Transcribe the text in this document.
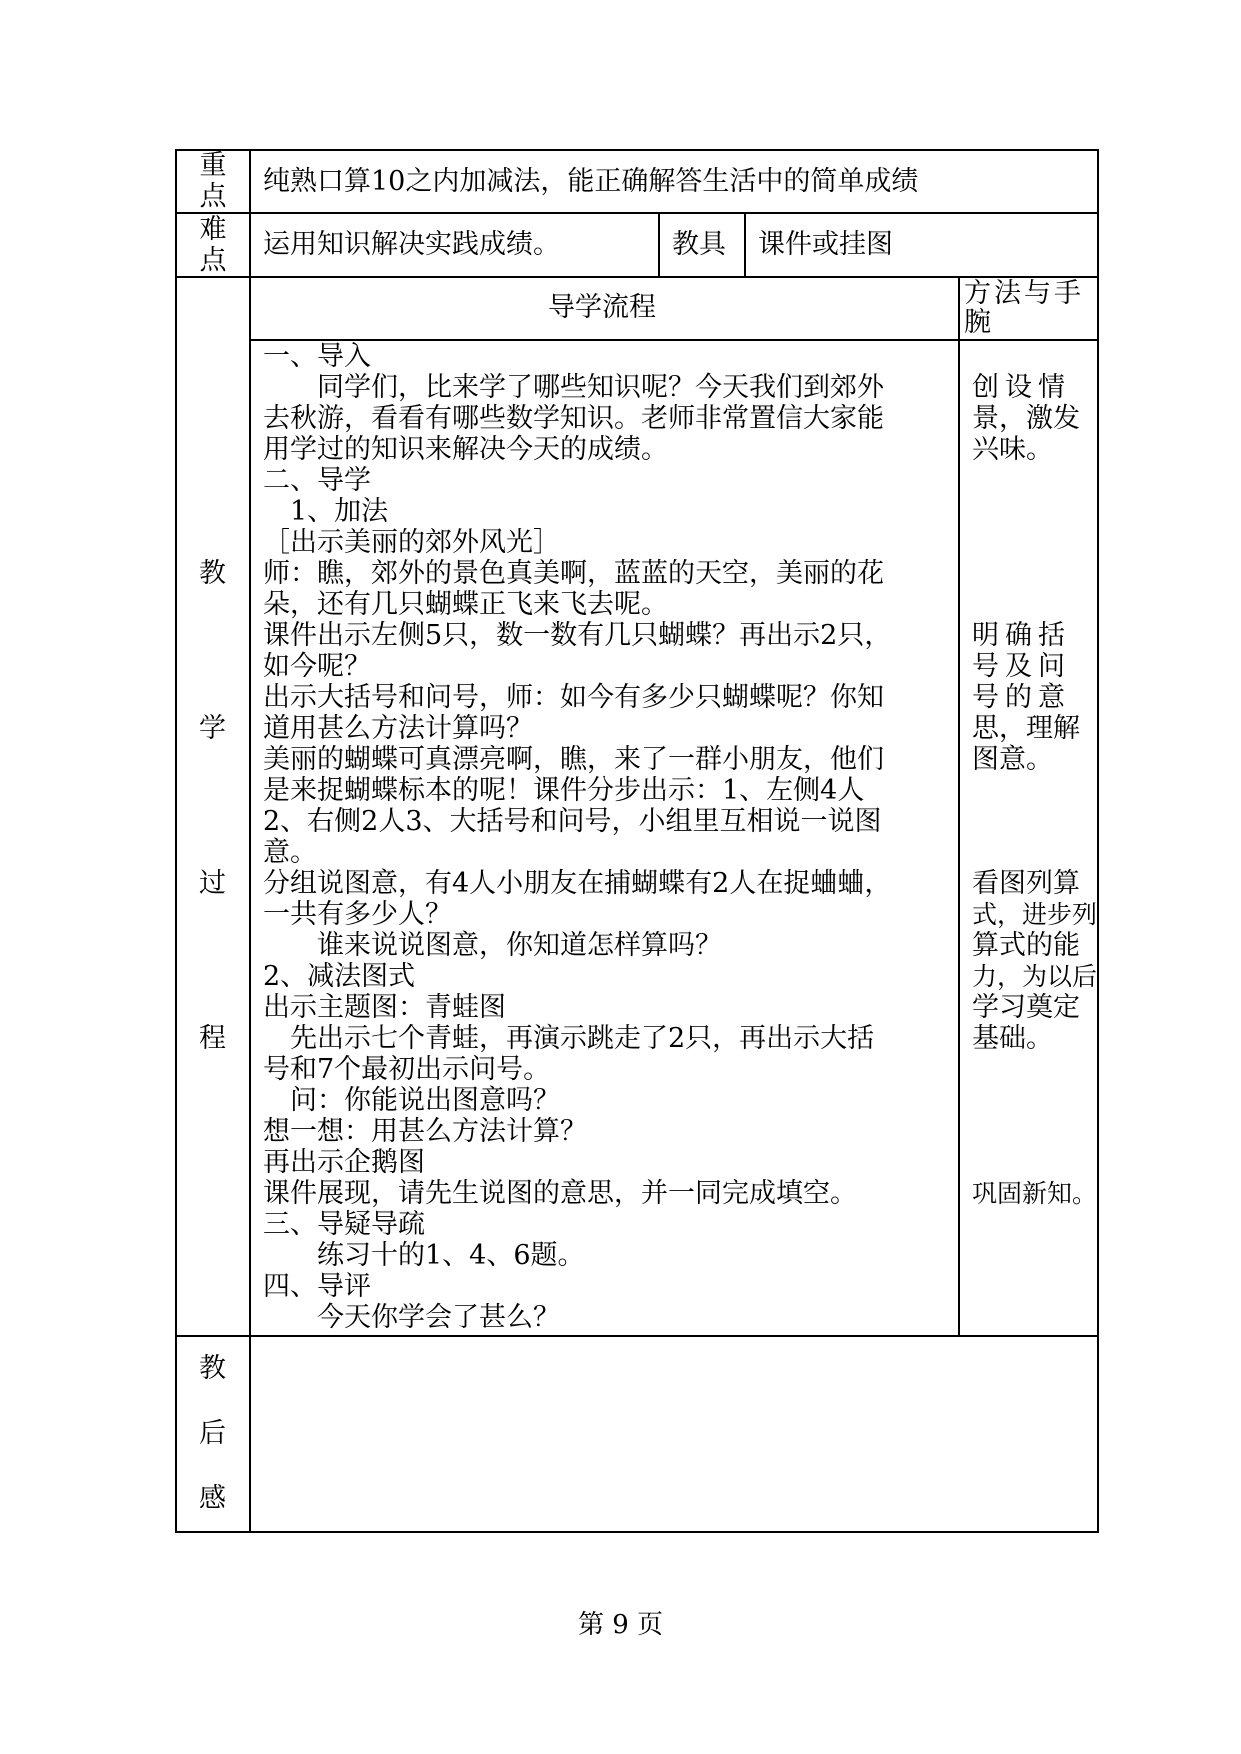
重
点 纯熟口算10之内加减法，能正确解答生活中的简单成绩
难
点
运用知识解决实践成绩。	教具 课件或挂图
导学流程	方法与手
腕
教
学
过
程
一、导入
　　同学们，比来学了哪些知识呢？今天我们到郊外
去秋游，看看有哪些数学知识。老师非常置信大家能
用学过的知识来解决今天的成绩。
二、导学
　1、加法
［出示美丽的郊外风光］
师：瞧，郊外的景色真美啊，蓝蓝的天空，美丽的花
朵，还有几只蝴蝶正飞来飞去呢。
课件出示左侧5只，数一数有几只蝴蝶？再出示2只，
如今呢？
出示大括号和问号，师：如今有多少只蝴蝶呢？你知
道用甚么方法计算吗？
美丽的蝴蝶可真漂亮啊，瞧，来了一群小朋友，他们
是来捉蝴蝶标本的呢！课件分步出示：1、左侧4人
2、右侧2人3、大括号和问号，小组里互相说一说图
意。
分组说图意，有4人小朋友在捕蝴蝶有2人在捉蛐蛐，
一共有多少人？
　　谁来说说图意，你知道怎样算吗？
2、减法图式
出示主题图：青蛙图
　先出示七个青蛙，再演示跳走了2只，再出示大括
号和7个最初出示问号。
　问：你能说出图意吗？
想一想：用甚么方法计算？
再出示企鹅图
课件展现，请先生说图的意思，并一同完成填空。
三、导疑导疏
　　练习十的1、4、6题。
四、导评
　　今天你学会了甚么？
创设情
景，激发
兴味。
明确括
号及问
号的意
思，理解
图意。
看图列算
式，进步列
算式的能
力，为以后
学习奠定
基础。
巩固新知。
教
后
感
第 9 页
